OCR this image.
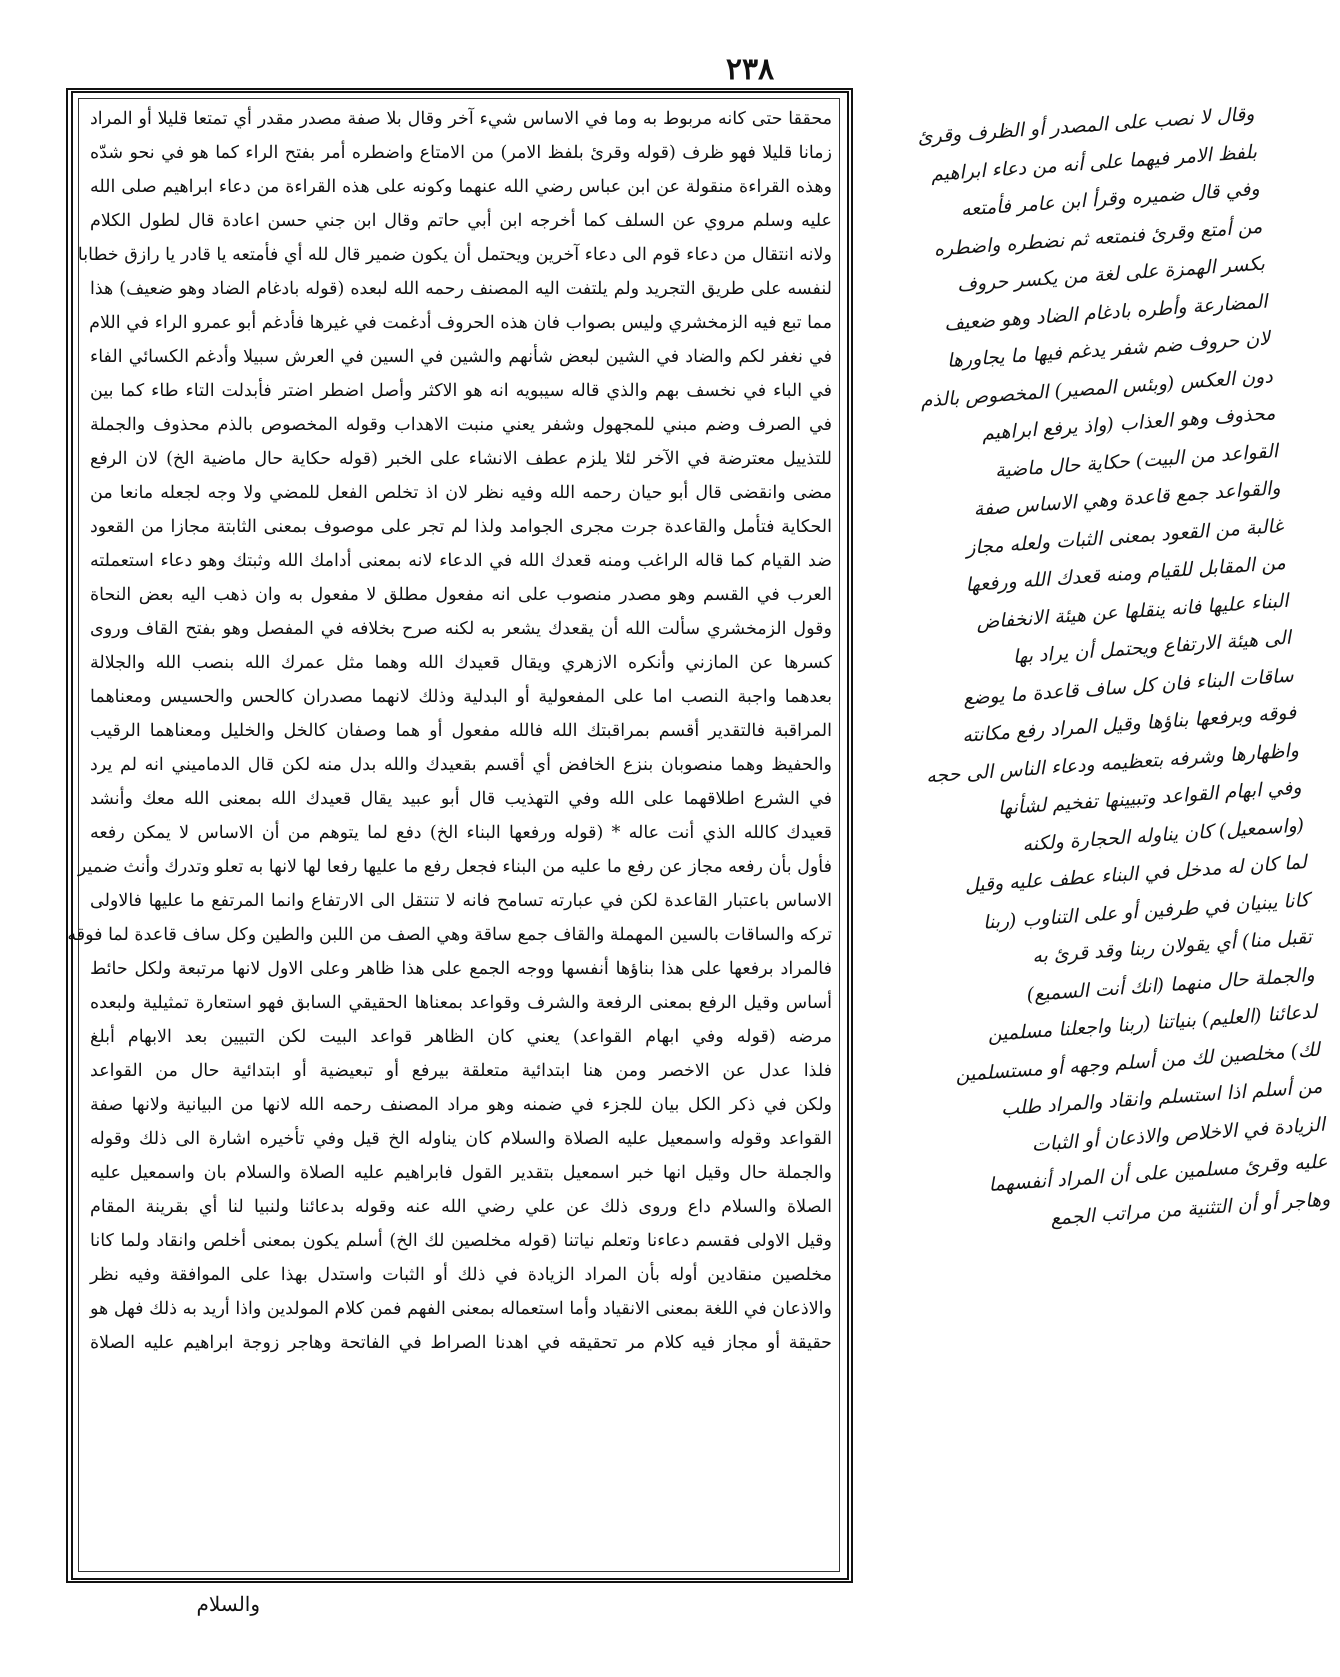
٢٣٨

محققا حتى كانه مربوط به وما في الاساس شيء آخر وقال بلا صفة مصدر مقدر أي تمتعا قليلا أو المراد

زمانا قليلا فهو ظرف (قوله وقرئ بلفظ الامر) من الامتاع واضطره أمر بفتح الراء كما هو في نحو شدّه

وهذه القراءة منقولة عن ابن عباس رضي الله عنهما وكونه على هذه القراءة من دعاء ابراهيم صلى الله

عليه وسلم مروي عن السلف كما أخرجه ابن أبي حاتم وقال ابن جني حسن اعادة قال لطول الكلام

ولانه انتقال من دعاء قوم الى دعاء آخرين ويحتمل أن يكون ضمير قال لله أي فأمتعه يا قادر يا رازق خطابا

لنفسه على طريق التجريد ولم يلتفت اليه المصنف رحمه الله لبعده (قوله بادغام الضاد وهو ضعيف) هذا

مما تبع فيه الزمخشري وليس بصواب فان هذه الحروف أدغمت في غيرها فأدغم أبو عمرو الراء في اللام

في نغفر لكم والضاد في الشين لبعض شأنهم والشين في السين في العرش سبيلا وأدغم الكسائي الفاء

في الباء في نخسف بهم والذي قاله سيبويه انه هو الاكثر وأصل اضطر اضتر فأبدلت التاء طاء كما بين

في الصرف وضم مبني للمجهول وشفر يعني منبت الاهداب وقوله المخصوص بالذم محذوف والجملة

للتذييل معترضة في الآخر لئلا يلزم عطف الانشاء على الخبر (قوله حكاية حال ماضية الخ) لان الرفع

مضى وانقضى قال أبو حيان رحمه الله وفيه نظر لان اذ تخلص الفعل للمضي ولا وجه لجعله مانعا من

الحكاية فتأمل والقاعدة جرت مجرى الجوامد ولذا لم تجر على موصوف بمعنى الثابتة مجازا من القعود

ضد القيام كما قاله الراغب ومنه قعدك الله في الدعاء لانه بمعنى أدامك الله وثبتك وهو دعاء استعملته

العرب في القسم وهو مصدر منصوب على انه مفعول مطلق لا مفعول به وان ذهب اليه بعض النحاة

وقول الزمخشري سألت الله أن يقعدك يشعر به لكنه صرح بخلافه في المفصل وهو بفتح القاف وروى

كسرها عن المازني وأنكره الازهري ويقال قعيدك الله وهما مثل عمرك الله بنصب الله والجلالة

بعدهما واجبة النصب اما على المفعولية أو البدلية وذلك لانهما مصدران كالحس والحسيس ومعناهما

المراقبة فالتقدير أقسم بمراقبتك الله فالله مفعول أو هما وصفان كالخل والخليل ومعناهما الرقيب

والحفيظ وهما منصوبان بنزع الخافض أي أقسم بقعيدك والله بدل منه لكن قال الدماميني انه لم يرد

في الشرع اطلاقهما على الله وفي التهذيب قال أبو عبيد يقال قعيدك الله بمعنى الله معك وأنشد

قعيدك كالله الذي أنت عاله * (قوله ورفعها البناء الخ) دفع لما يتوهم من أن الاساس لا يمكن رفعه

فأول بأن رفعه مجاز عن رفع ما عليه من البناء فجعل رفع ما عليها رفعا لها لانها به تعلو وتدرك وأنث ضمير

الاساس باعتبار القاعدة لكن في عبارته تسامح فانه لا تنتقل الى الارتفاع وانما المرتفع ما عليها فالاولى

تركه والساقات بالسين المهملة والقاف جمع ساقة وهي الصف من اللبن والطين وكل ساف قاعدة لما فوقه

فالمراد برفعها على هذا بناؤها أنفسها ووجه الجمع على هذا ظاهر وعلى الاول لانها مرتبعة ولكل حائط

أساس وقيل الرفع بمعنى الرفعة والشرف وقواعد بمعناها الحقيقي السابق فهو استعارة تمثيلية ولبعده

مرضه (قوله وفي ابهام القواعد) يعني كان الظاهر قواعد البيت لكن التبيين بعد الابهام أبلغ

فلذا عدل عن الاخصر ومن هنا ابتدائية متعلقة بيرفع أو تبعيضية أو ابتدائية حال من القواعد

ولكن في ذكر الكل بيان للجزء في ضمنه وهو مراد المصنف رحمه الله لانها من البيانية ولانها صفة

القواعد وقوله واسمعيل عليه الصلاة والسلام كان يناوله الخ قيل وفي تأخيره اشارة الى ذلك وقوله

والجملة حال وقيل انها خبر اسمعيل بتقدير القول فابراهيم عليه الصلاة والسلام بان واسمعيل عليه

الصلاة والسلام داع وروى ذلك عن علي رضي الله عنه وقوله بدعائنا ولنبيا لنا أي بقرينة المقام

وقيل الاولى فقسم دعاءنا وتعلم نياتنا (قوله مخلصين لك الخ) أسلم يكون بمعنى أخلص وانقاد ولما كانا

مخلصين منقادين أوله بأن المراد الزيادة في ذلك أو الثبات واستدل بهذا على الموافقة وفيه نظر

والاذعان في اللغة بمعنى الانقياد وأما استعماله بمعنى الفهم فمن كلام المولدين واذا أريد به ذلك فهل هو

حقيقة أو مجاز فيه كلام مر تحقيقه في اهدنا الصراط في الفاتحة وهاجر زوجة ابراهيم عليه الصلاة

والسلام

وقال لا نصب على المصدر أو الظرف وقرئ

بلفظ الامر فيهما على أنه من دعاء ابراهيم

وفي قال ضميره وقرأ ابن عامر فأمتعه

من أمتع وقرئ فنمتعه ثم نضطره واضطره

بكسر الهمزة على لغة من يكسر حروف

المضارعة وأطره بادغام الضاد وهو ضعيف

لان حروف ضم شفر يدغم فيها ما يجاورها

دون العكس (وبئس المصير) المخصوص بالذم

محذوف وهو العذاب (واذ يرفع ابراهيم

القواعد من البيت) حكاية حال ماضية

والقواعد جمع قاعدة وهي الاساس صفة

غالبة من القعود بمعنى الثبات ولعله مجاز

من المقابل للقيام ومنه قعدك الله ورفعها

البناء عليها فانه ينقلها عن هيئة الانخفاض

الى هيئة الارتفاع ويحتمل أن يراد بها

ساقات البناء فان كل ساف قاعدة ما يوضع

فوقه وبرفعها بناؤها وقيل المراد رفع مكانته

واظهارها وشرفه بتعظيمه ودعاء الناس الى حجه

وفي ابهام القواعد وتبيينها تفخيم لشأنها

(واسمعيل) كان يناوله الحجارة ولكنه

لما كان له مدخل في البناء عطف عليه وقيل

كانا يبنيان في طرفين أو على التناوب (ربنا

تقبل منا) أي يقولان ربنا وقد قرئ به

والجملة حال منهما (انك أنت السميع)

لدعائنا (العليم) بنياتنا (ربنا واجعلنا مسلمين

لك) مخلصين لك من أسلم وجهه أو مستسلمين

من أسلم اذا استسلم وانقاد والمراد طلب

الزيادة في الاخلاص والاذعان أو الثبات

عليه وقرئ مسلمين على أن المراد أنفسهما

وهاجر أو أن التثنية من مراتب الجمع
